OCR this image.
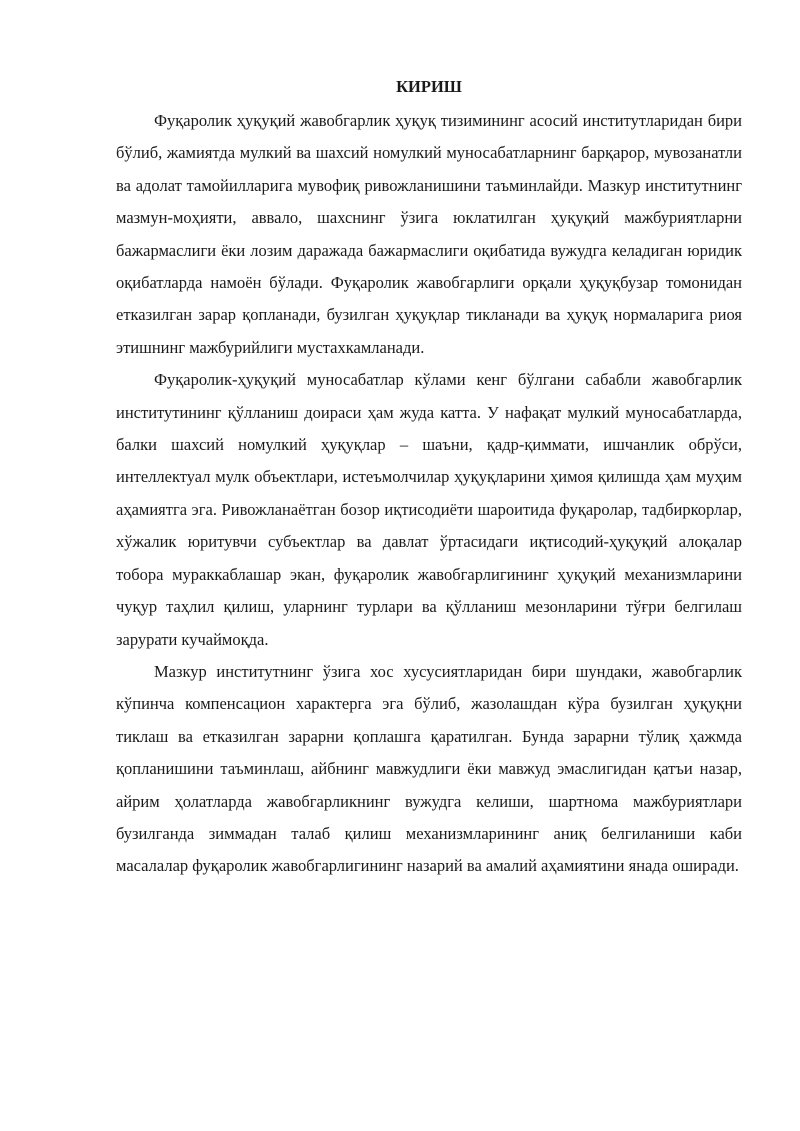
КИРИШ

Фуқаролик ҳуқуқий жавобгарлик ҳуқуқ тизимининг асосий институтларидан бири бўлиб, жамиятда мулкий ва шахсий номулкий муносабатларнинг барқарор, мувозанатли ва адолат тамойилларига мувофиқ ривожланишини таъминлайди. Мазкур институтнинг мазмун-моҳияти, аввало, шахснинг ўзига юклатилган ҳуқуқий мажбуриятларни бажармаслиги ёки лозим даражада бажармаслиги оқибатида вужудга келадиган юридик оқибатларда намоён бўлади. Фуқаролик жавобгарлиги орқали ҳуқуқбузар томонидан етказилган зарар қопланади, бузилган ҳуқуқлар тикланади ва ҳуқуқ нормаларига риоя этишнинг мажбурийлиги мустахкамланади.

Фуқаролик-ҳуқуқий муносабатлар кўлами кенг бўлгани сабабли жавобгарлик институтининг қўлланиш доираси ҳам жуда катта. У нафақат мулкий муносабатларда, балки шахсий номулкий ҳуқуқлар – шаъни, қадр-қиммати, ишчанлик обрўси, интеллектуал мулк объектлари, истеъмолчилар ҳуқуқларини ҳимоя қилишда ҳам муҳим аҳамиятга эга. Ривожланаётган бозор иқтисодиёти шароитида фуқаролар, тадбиркорлар, хўжалик юритувчи субъектлар ва давлат ўртасидаги иқтисодий-ҳуқуқий алоқалар тобора мураккаблашар экан, фуқаролик жавобгарлигининг ҳуқуқий механизмларини чуқур таҳлил қилиш, уларнинг турлари ва қўлланиш мезонларини тўғри белгилаш зарурати кучаймоқда.

Мазкур институтнинг ўзига хос хусусиятларидан бири шундаки, жавобгарлик кўпинча компенсацион характерга эга бўлиб, жазолашдан кўра бузилган ҳуқуқни тиклаш ва етказилган зарарни қоплашга қаратилган. Бунда зарарни тўлиқ ҳажмда қопланишини таъминлаш, айбнинг мавжудлиги ёки мавжуд эмаслигидан қатъи назар, айрим ҳолатларда жавобгарликнинг вужудга келиши, шартнома мажбуриятлари бузилганда зиммадан талаб қилиш механизмларининг аниқ белгиланиши каби масалалар фуқаролик жавобгарлигининг назарий ва амалий аҳамиятини янада оширади.
